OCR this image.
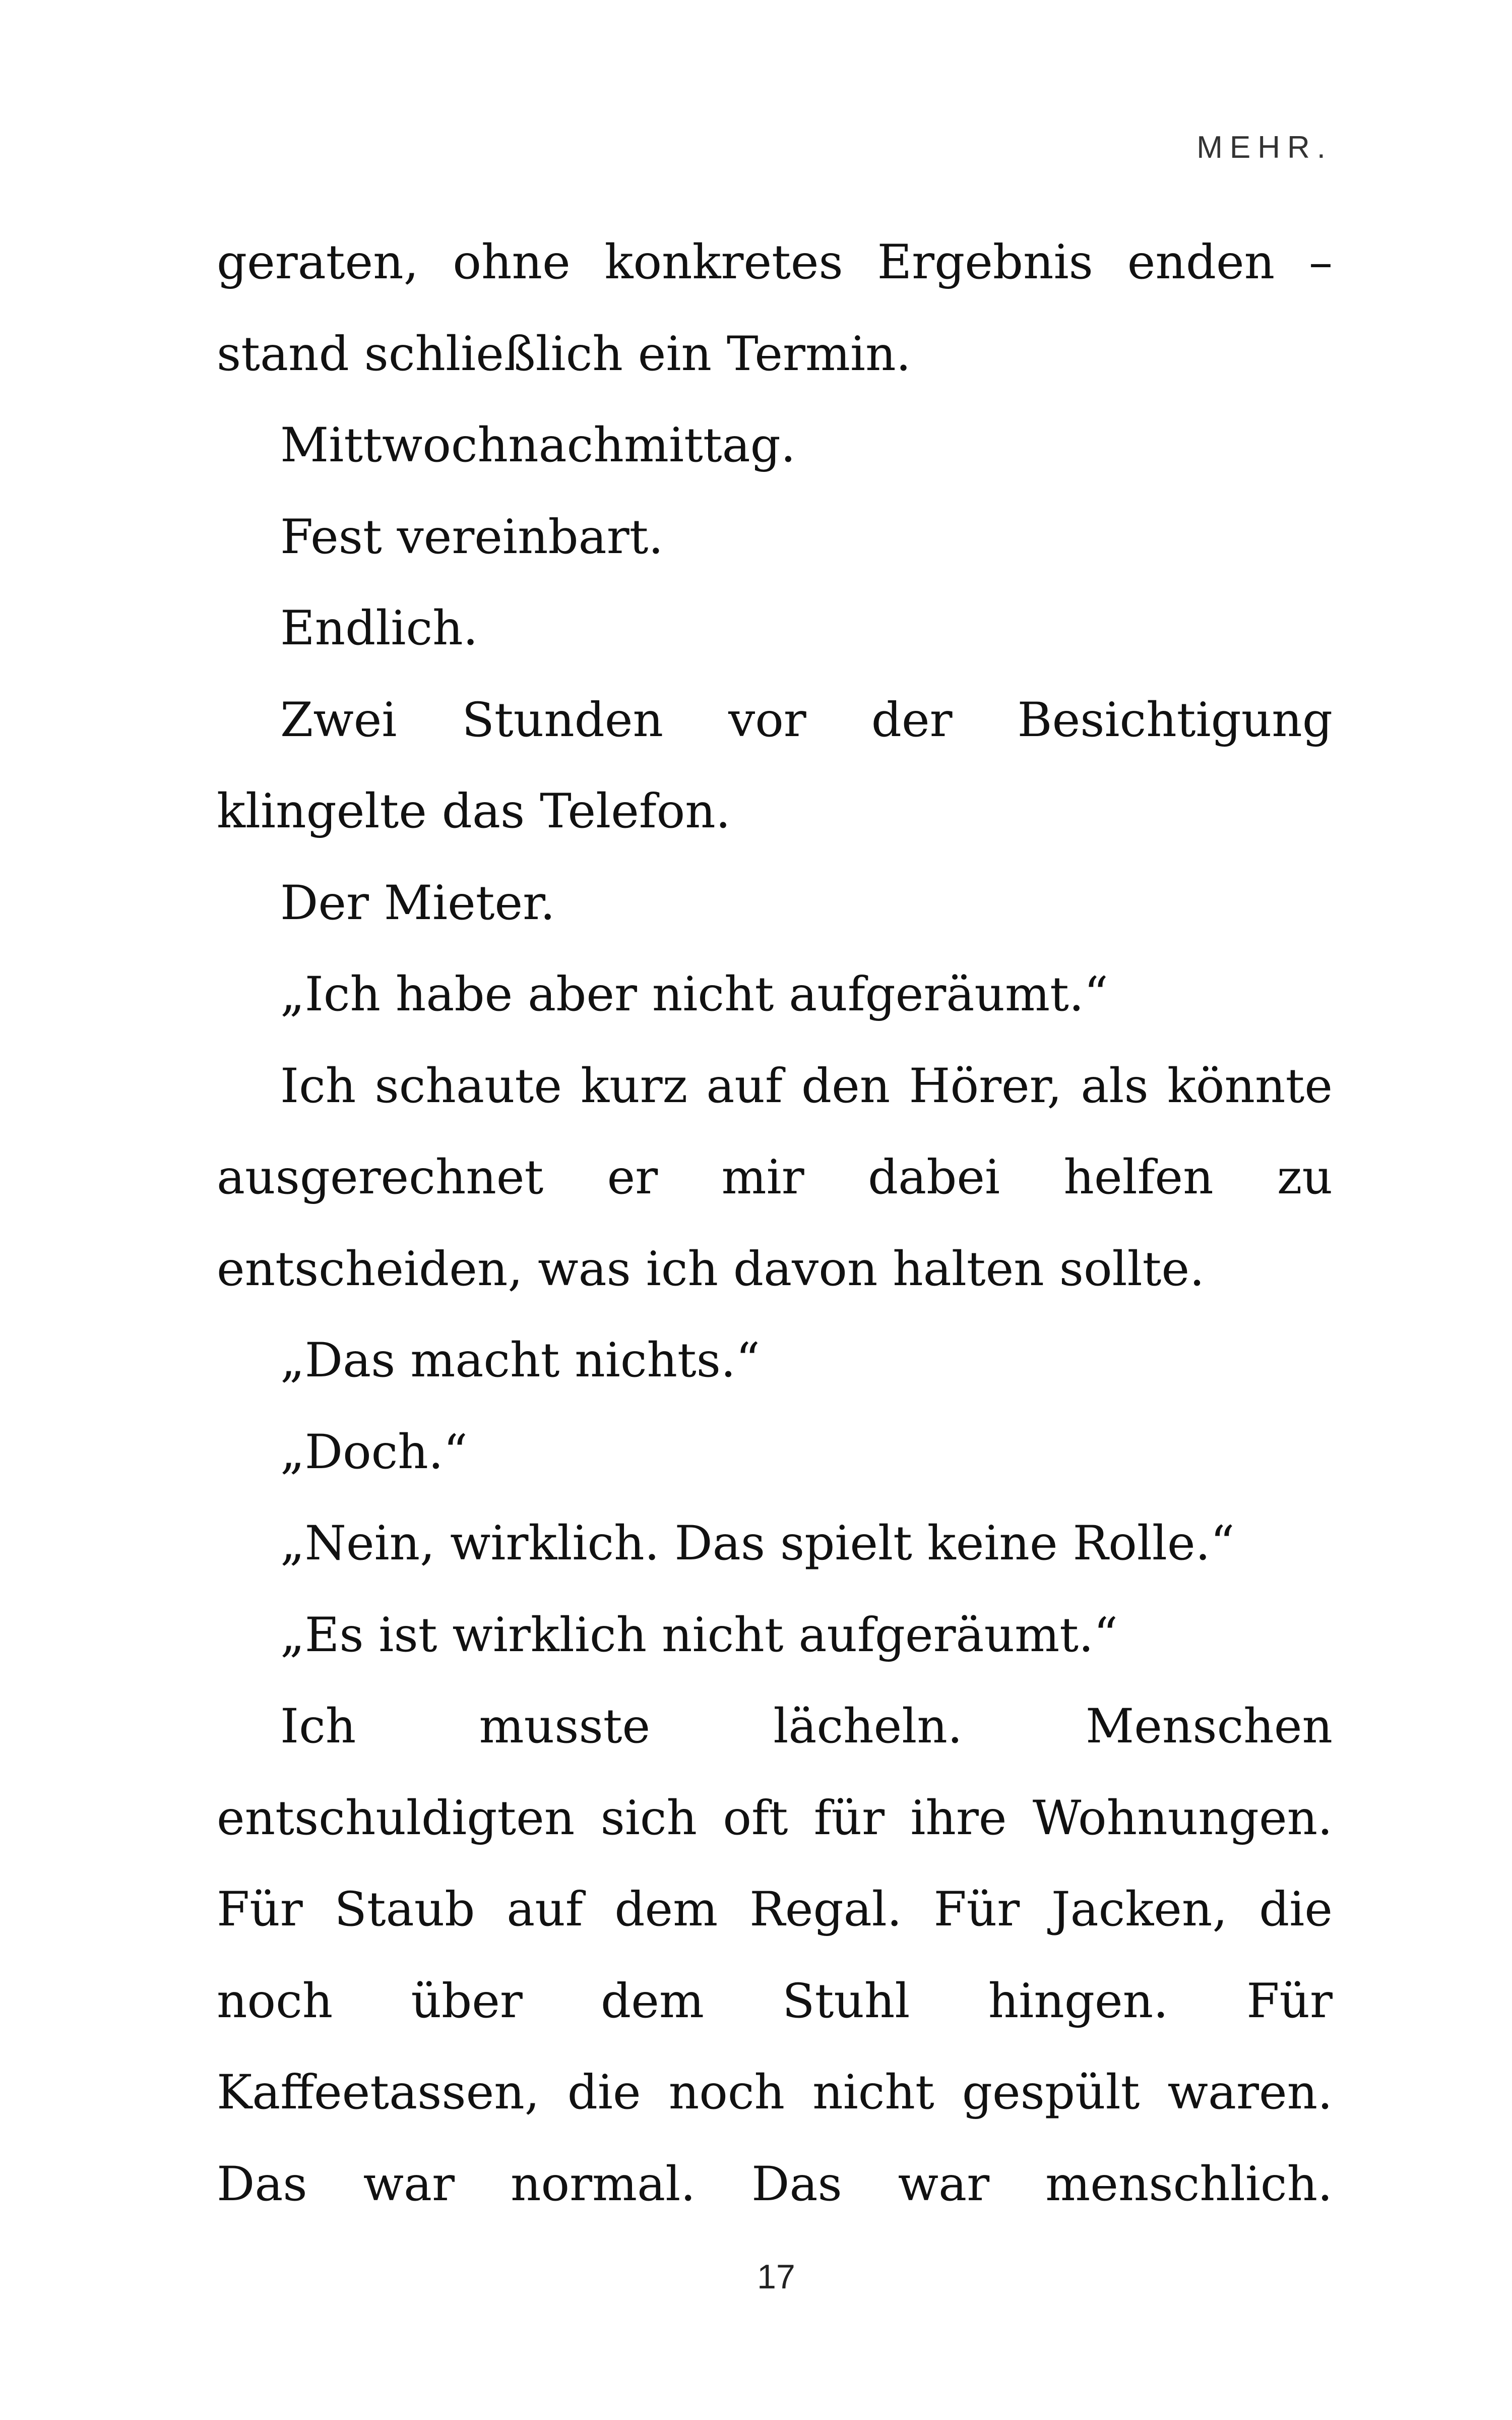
MEHR.

geraten, ohne konkretes Ergebnis enden – stand schließlich ein Termin.

Mittwochnachmittag.

Fest vereinbart.

Endlich.

Zwei Stunden vor der Besichtigung klingelte das Telefon.

Der Mieter.

„Ich habe aber nicht aufgeräumt.“

Ich schaute kurz auf den Hörer, als könnte ausgerechnet er mir dabei helfen zu entscheiden, was ich davon halten sollte.

„Das macht nichts.“

„Doch.“

„Nein, wirklich. Das spielt keine Rolle.“

„Es ist wirklich nicht aufgeräumt.“

Ich musste lächeln. Menschen entschuldigten sich oft für ihre Wohnungen. Für Staub auf dem Regal. Für Jacken, die noch über dem Stuhl hingen. Für Kaffeetassen, die noch nicht gespült waren. Das war normal. Das war menschlich.

17
